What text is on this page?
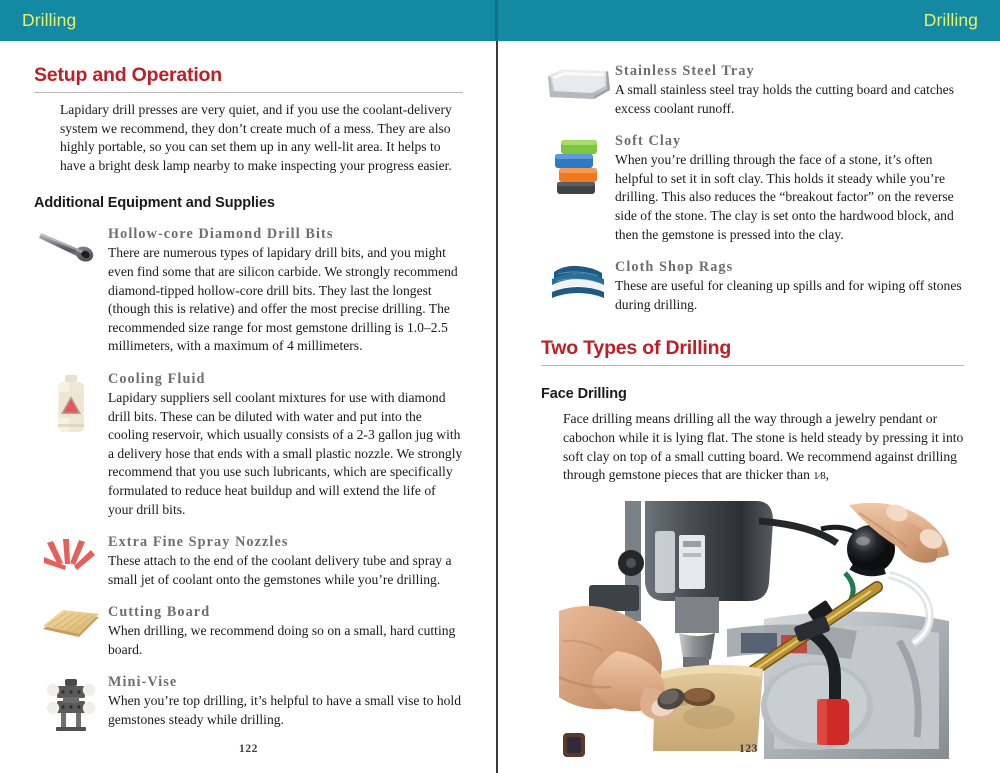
Drilling
Setup and Operation

Lapidary drill presses are very quiet, and if you use the coolant-delivery system we recommend, they don’t create much of a mess. They are also highly portable, so you can set them up in any well-lit area. It helps to have a bright desk lamp nearby to make inspecting your progress easier.

Additional Equipment and Supplies
Hollow-core Diamond Drill Bits
There are numerous types of lapidary drill bits, and you might even find some that are silicon carbide. We strongly recommend diamond-tipped hollow-core drill bits. They last the longest (though this is relative) and offer the most precise drilling. The recommended size range for most gemstone drilling is 1.0–2.5 millimeters, with a maximum of 4 millimeters.
Cooling Fluid
Lapidary suppliers sell coolant mixtures for use with diamond drill bits. These can be diluted with water and put into the cooling reservoir, which usually consists of a 2-3 gallon jug with a delivery hose that ends with a small plastic nozzle. We strongly recommend that you use such lubricants, which are specifically formulated to reduce heat buildup and will extend the life of your drill bits.
Extra Fine Spray Nozzles
These attach to the end of the coolant delivery tube and spray a small jet of coolant onto the gemstones while you’re drilling.
Cutting Board
When drilling, we recommend doing so on a small, hard cutting board.
Mini-Vise
When you’re top drilling, it’s helpful to have a small vise to hold gemstones steady while drilling.
122
Drilling
Stainless Steel Tray
A small stainless steel tray holds the cutting board and catches excess coolant runoff.
Soft Clay
When you’re drilling through the face of a stone, it’s often helpful to set it in soft clay. This holds it steady while you’re drilling. This also reduces the “breakout factor” on the reverse side of the stone. The clay is set onto the hardwood block, and then the gemstone is pressed into the clay.
Cloth Shop Rags
These are useful for cleaning up spills and for wiping off stones during drilling.
Two Types of Drilling
Face Drilling

Face drilling means drilling all the way through a jewelry pendant or cabochon while it is lying flat. The stone is held steady by pressing it into soft clay on top of a small cutting board. We recommend against drilling through gemstone pieces that are thicker than 1⁄8,

123
